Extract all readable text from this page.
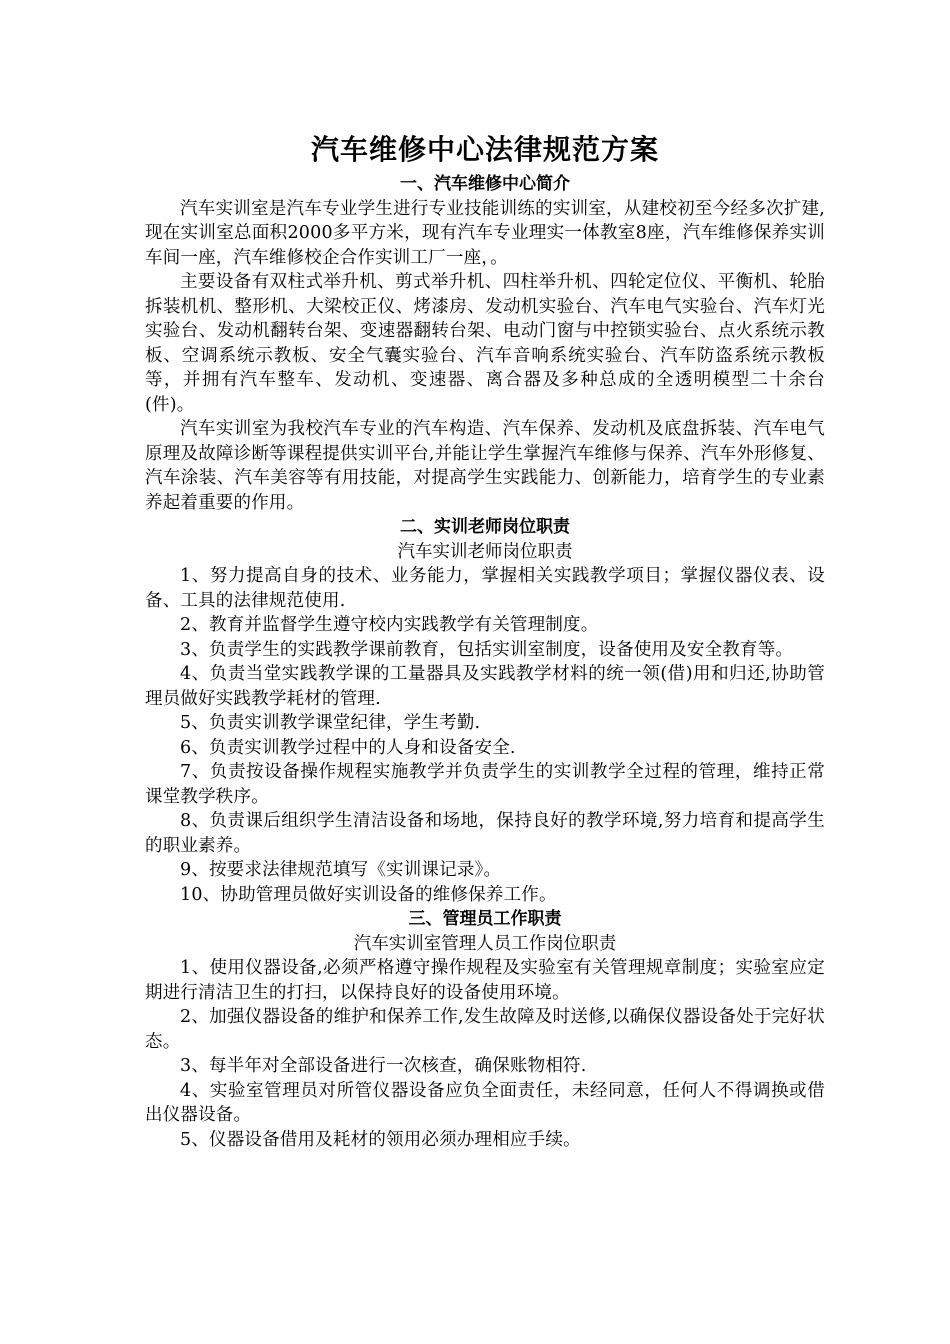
汽车维修中心法律规范方案
一、汽车维修中心简介

汽车实训室是汽车专业学生进行专业技能训练的实训室，从建校初至今经多次扩建,现在实训室总面积2000多平方米，现有汽车专业理实一体教室8座，汽车维修保养实训车间一座，汽车维修校企合作实训工厂一座，。

主要设备有双柱式举升机、剪式举升机、四柱举升机、四轮定位仪、平衡机、轮胎拆装机机、整形机、大梁校正仪、烤漆房、发动机实验台、汽车电气实验台、汽车灯光实验台、发动机翻转台架、变速器翻转台架、电动门窗与中控锁实验台、点火系统示教板、空调系统示教板、安全气囊实验台、汽车音响系统实验台、汽车防盗系统示教板等，并拥有汽车整车、发动机、变速器、离合器及多种总成的全透明模型二十余台(件)。

汽车实训室为我校汽车专业的汽车构造、汽车保养、发动机及底盘拆装、汽车电气原理及故障诊断等课程提供实训平台,并能让学生掌握汽车维修与保养、汽车外形修复、汽车涂装、汽车美容等有用技能，对提高学生实践能力、创新能力，培育学生的专业素养起着重要的作用。

二、实训老师岗位职责
汽车实训老师岗位职责

1、努力提高自身的技术、业务能力，掌握相关实践教学项目；掌握仪器仪表、设备、工具的法律规范使用.

2、教育并监督学生遵守校内实践教学有关管理制度。

3、负责学生的实践教学课前教育，包括实训室制度，设备使用及安全教育等。

4、负责当堂实践教学课的工量器具及实践教学材料的统一领(借)用和归还,协助管理员做好实践教学耗材的管理.

5、负责实训教学课堂纪律，学生考勤.

6、负责实训教学过程中的人身和设备安全.

7、负责按设备操作规程实施教学并负责学生的实训教学全过程的管理，维持正常课堂教学秩序。

8、负责课后组织学生清洁设备和场地，保持良好的教学环境,努力培育和提高学生的职业素养。

9、按要求法律规范填写《实训课记录》。

10、协助管理员做好实训设备的维修保养工作。

三、管理员工作职责
汽车实训室管理人员工作岗位职责

1、使用仪器设备,必须严格遵守操作规程及实验室有关管理规章制度；实验室应定期进行清洁卫生的打扫，以保持良好的设备使用环境。

2、加强仪器设备的维护和保养工作,发生故障及时送修,以确保仪器设备处于完好状态。

3、每半年对全部设备进行一次核查，确保账物相符.

4、实验室管理员对所管仪器设备应负全面责任，未经同意，任何人不得调换或借出仪器设备。

5、仪器设备借用及耗材的领用必须办理相应手续。
